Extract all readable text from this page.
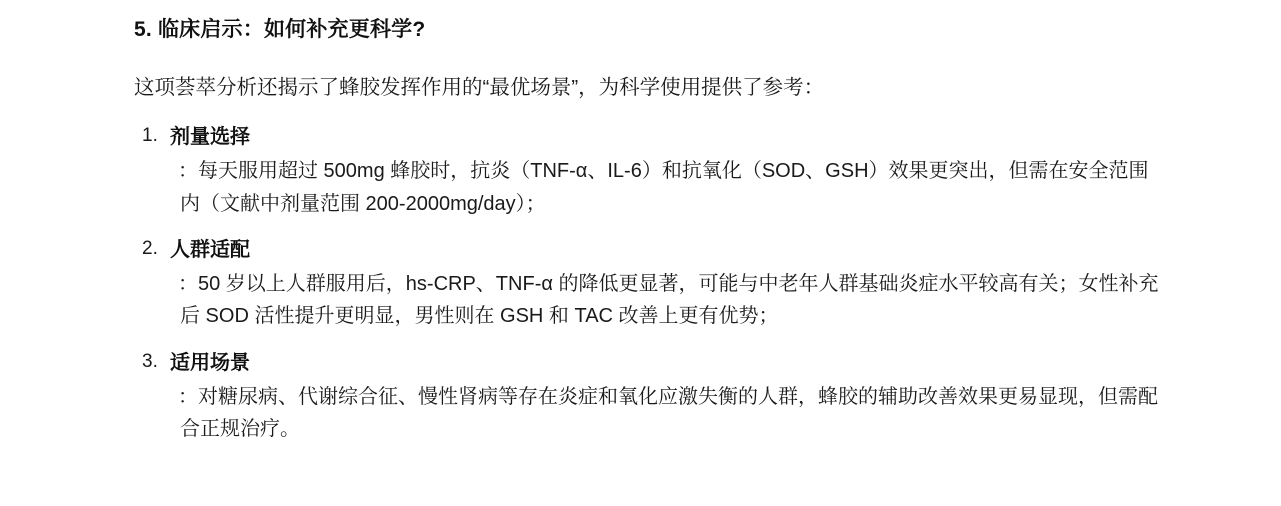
5. 临床启示：如何补充更科学?

这项荟萃分析还揭示了蜂胶发挥作用的“最优场景”，为科学使用提供了参考：

剂量选择
：每天服用超过 500mg 蜂胶时，抗炎（TNF-α、IL-6）和抗氧化（SOD、GSH）效果更突出，但需在安全范围内（文献中剂量范围 200-2000mg/day）；
人群适配
：50 岁以上人群服用后，hs-CRP、TNF-α 的降低更显著，可能与中老年人群基础炎症水平较高有关；女性补充后 SOD 活性提升更明显，男性则在 GSH 和 TAC 改善上更有优势；
适用场景
：对糖尿病、代谢综合征、慢性肾病等存在炎症和氧化应激失衡的人群，蜂胶的辅助改善效果更易显现，但需配合正规治疗。
